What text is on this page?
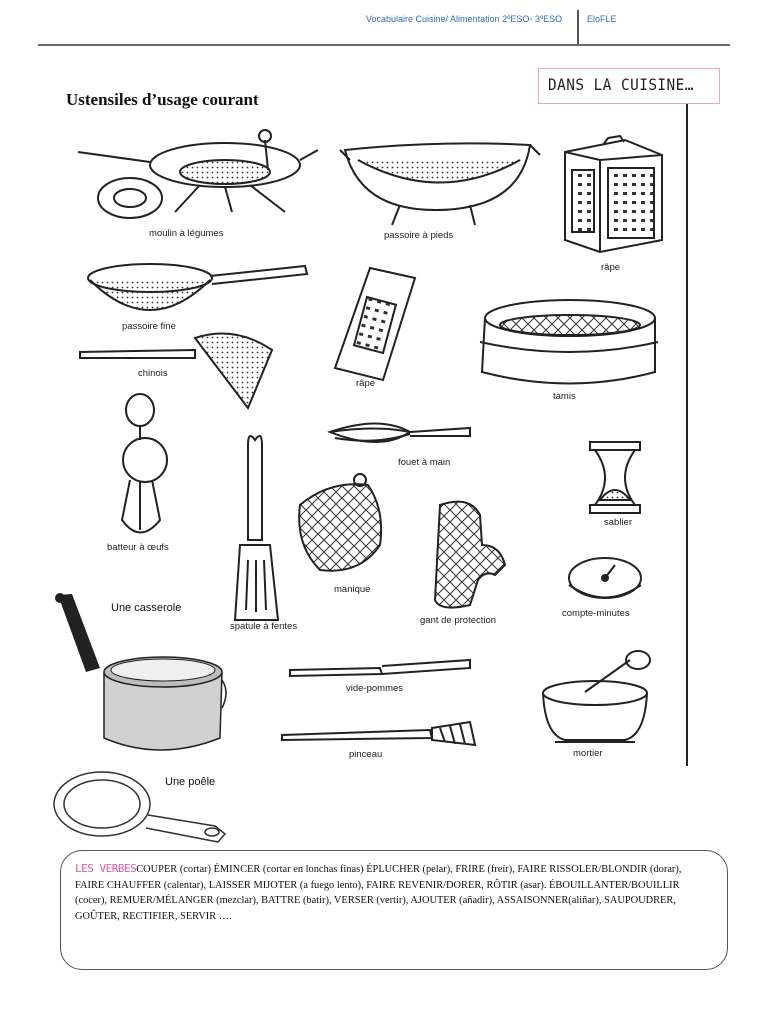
Vocabulaire Cuisine/ Alimentation 2ºESO- 3ºESO	EloFLE
Ustensiles d’usage courant
DANS LA CUISINE…
moulin à légumes	passoire à pieds
râpe
passoire fine
râpe
tamis
chinois
fouet à main
sablier
batteur à œufs
manique
gant de protection
compte-minutes
spatule à fentes
vide-pommes
pinceau	mortier
Une casserole
Une poêle

LES VERBESCOUPER (cortar) ÉMINCER (cortar en lonchas finas) ÉPLUCHER (pelar), FRIRE (freír), FAIRE RISSOLER/BLONDIR (dorar), FAIRE CHAUFFER (calentar), LAISSER MIJOTER (a fuego lento), FAIRE REVENIR/DORER, RÔTIR (asar). ÉBOUILLANTER/BOUILLIR (cocer), REMUER/MÉLANGER (mezclar), BATTRE (batir), VERSER (vertir), AJOUTER (añadir), ASSAISONNER(aliñar), SAUPOUDRER, GOÛTER, RECTIFIER, SERVIR ….
